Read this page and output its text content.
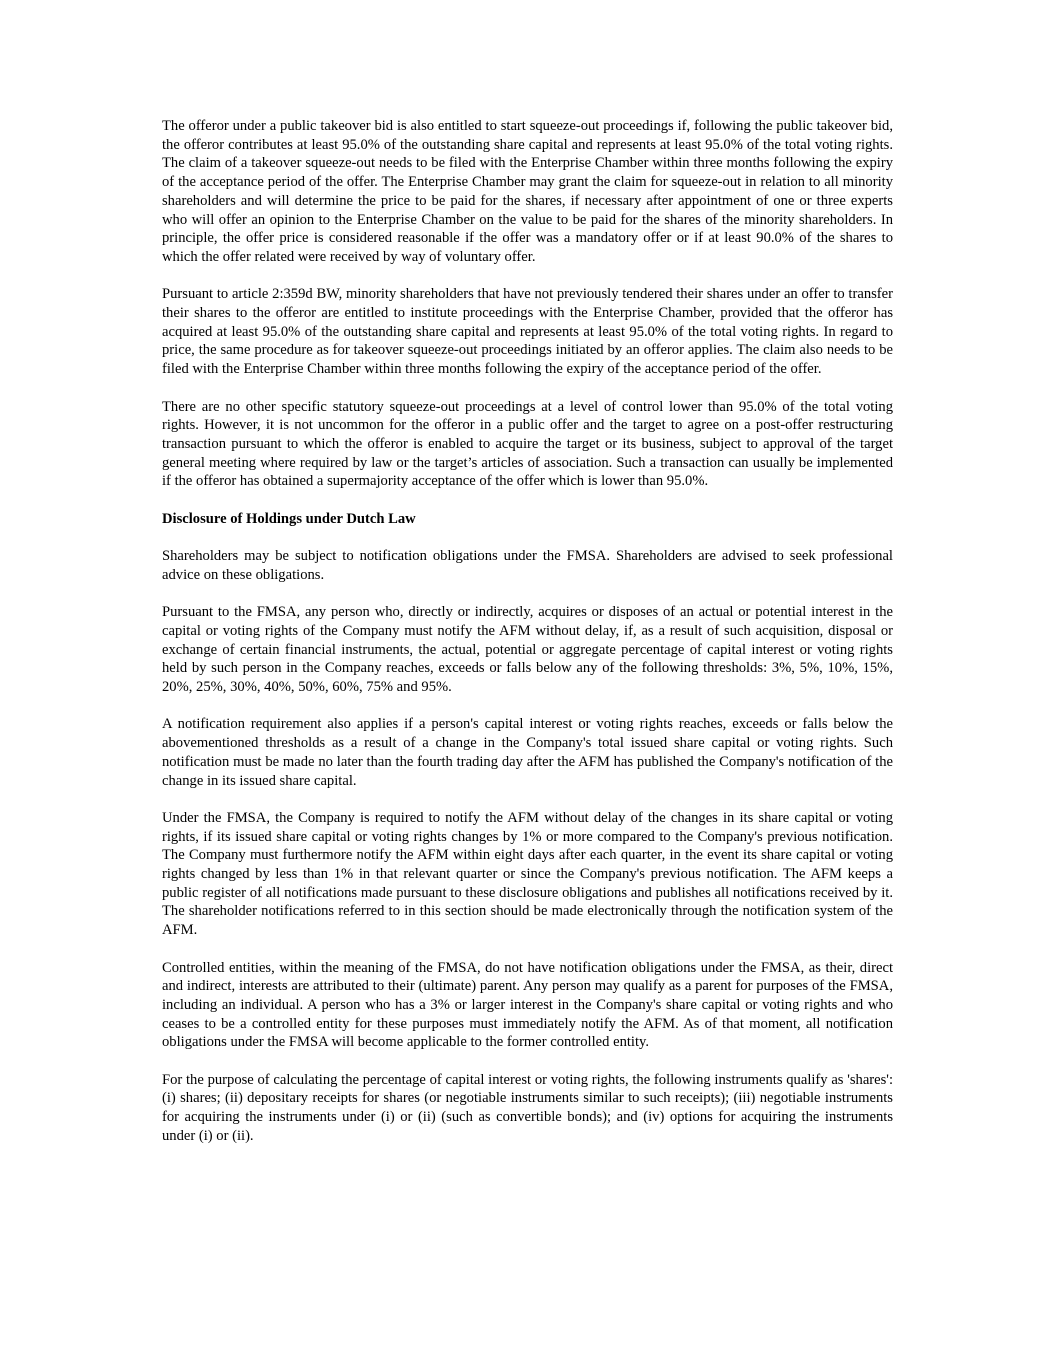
The offeror under a public takeover bid is also entitled to start squeeze-out proceedings if, following the public takeover bid, the offeror contributes at least 95.0% of the outstanding share capital and represents at least 95.0% of the total voting rights. The claim of a takeover squeeze-out needs to be filed with the Enterprise Chamber within three months following the expiry of the acceptance period of the offer. The Enterprise Chamber may grant the claim for squeeze-out in relation to all minority shareholders and will determine the price to be paid for the shares, if necessary after appointment of one or three experts who will offer an opinion to the Enterprise Chamber on the value to be paid for the shares of the minority shareholders. In principle, the offer price is considered reasonable if the offer was a mandatory offer or if at least 90.0% of the shares to which the offer related were received by way of voluntary offer.

Pursuant to article 2:359d BW, minority shareholders that have not previously tendered their shares under an offer to transfer their shares to the offeror are entitled to institute proceedings with the Enterprise Chamber, provided that the offeror has acquired at least 95.0% of the outstanding share capital and represents at least 95.0% of the total voting rights. In regard to price, the same procedure as for takeover squeeze-out proceedings initiated by an offeror applies. The claim also needs to be filed with the Enterprise Chamber within three months following the expiry of the acceptance period of the offer.

There are no other specific statutory squeeze-out proceedings at a level of control lower than 95.0% of the total voting rights. However, it is not uncommon for the offeror in a public offer and the target to agree on a post-offer restructuring transaction pursuant to which the offeror is enabled to acquire the target or its business, subject to approval of the target general meeting where required by law or the target’s articles of association. Such a transaction can usually be implemented if the offeror has obtained a supermajority acceptance of the offer which is lower than 95.0%.

Disclosure of Holdings under Dutch Law

Shareholders may be subject to notification obligations under the FMSA. Shareholders are advised to seek professional advice on these obligations.

Pursuant to the FMSA, any person who, directly or indirectly, acquires or disposes of an actual or potential interest in the capital or voting rights of the Company must notify the AFM without delay, if, as a result of such acquisition, disposal or exchange of certain financial instruments, the actual, potential or aggregate percentage of capital interest or voting rights held by such person in the Company reaches, exceeds or falls below any of the following thresholds: 3%, 5%, 10%, 15%, 20%, 25%, 30%, 40%, 50%, 60%, 75% and 95%.

A notification requirement also applies if a person's capital interest or voting rights reaches, exceeds or falls below the abovementioned thresholds as a result of a change in the Company's total issued share capital or voting rights. Such notification must be made no later than the fourth trading day after the AFM has published the Company's notification of the change in its issued share capital.

Under the FMSA, the Company is required to notify the AFM without delay of the changes in its share capital or voting rights, if its issued share capital or voting rights changes by 1% or more compared to the Company's previous notification. The Company must furthermore notify the AFM within eight days after each quarter, in the event its share capital or voting rights changed by less than 1% in that relevant quarter or since the Company's previous notification. The AFM keeps a public register of all notifications made pursuant to these disclosure obligations and publishes all notifications received by it. The shareholder notifications referred to in this section should be made electronically through the notification system of the AFM.

Controlled entities, within the meaning of the FMSA, do not have notification obligations under the FMSA, as their, direct and indirect, interests are attributed to their (ultimate) parent. Any person may qualify as a parent for purposes of the FMSA, including an individual. A person who has a 3% or larger interest in the Company's share capital or voting rights and who ceases to be a controlled entity for these purposes must immediately notify the AFM. As of that moment, all notification obligations under the FMSA will become applicable to the former controlled entity.

For the purpose of calculating the percentage of capital interest or voting rights, the following instruments qualify as 'shares': (i) shares; (ii) depositary receipts for shares (or negotiable instruments similar to such receipts); (iii) negotiable instruments for acquiring the instruments under (i) or (ii) (such as convertible bonds); and (iv) options for acquiring the instruments under (i) or (ii).
